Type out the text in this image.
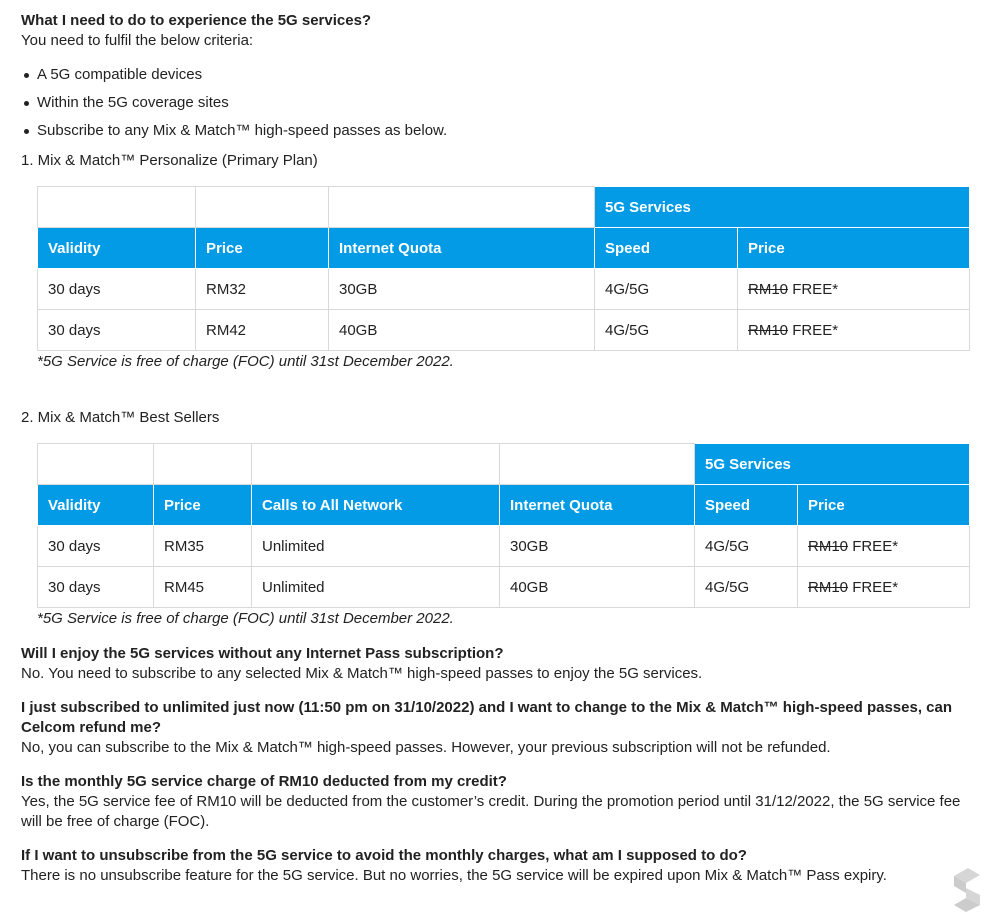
What I need to do to experience the 5G services?

You need to fulfil the below criteria:

A 5G compatible devices
Within the 5G coverage sites
Subscribe to any Mix & Match™ high-speed passes as below.

1. Mix & Match™ Personalize (Primary Plan)

			5G Services	
Validity	Price	Internet Quota	Speed	Price
30 days	RM32	30GB	4G/5G	RM10 FREE*
30 days	RM42	40GB	4G/5G	RM10 FREE*
*5G Service is free of charge (FOC) until 31st December 2022.

2. Mix & Match™ Best Sellers

				5G Services	
Validity	Price	Calls to All Network	Internet Quota	Speed	Price
30 days	RM35	Unlimited	30GB	4G/5G	RM10 FREE*
30 days	RM45	Unlimited	40GB	4G/5G	RM10 FREE*
*5G Service is free of charge (FOC) until 31st December 2022.

Will I enjoy the 5G services without any Internet Pass subscription?

No. You need to subscribe to any selected Mix & Match™ high-speed passes to enjoy the 5G services.

I just subscribed to unlimited just now (11:50 pm on 31/10/2022) and I want to change to the Mix & Match™ high-speed passes, can Celcom refund me?

No, you can subscribe to the Mix & Match™ high-speed passes. However, your previous subscription will not be refunded.

Is the monthly 5G service charge of RM10 deducted from my credit?

Yes, the 5G service fee of RM10 will be deducted from the customer’s credit. During the promotion period until 31/12/2022, the 5G service fee will be free of charge (FOC).

If I want to unsubscribe from the 5G service to avoid the monthly charges, what am I supposed to do?

There is no unsubscribe feature for the 5G service. But no worries, the 5G service will be expired upon Mix & Match™ Pass expiry.
